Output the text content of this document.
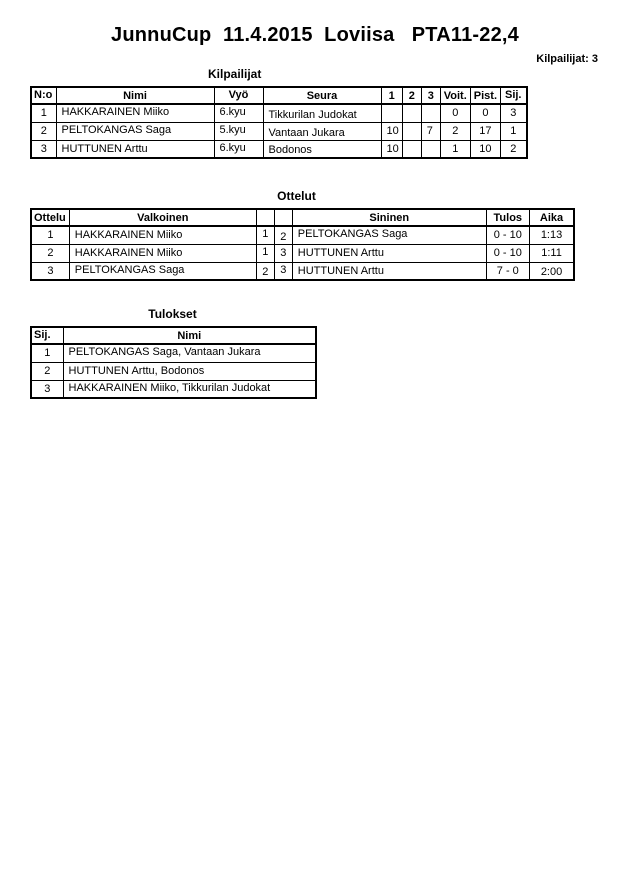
JunnuCup  11.4.2015  Loviisa   PTA11-22,4
Kilpailijat: 3
Kilpailijat
N:o	Nimi	Vyö	Seura	1	2	3	Voit.	Pist.	Sij.
1	HAKKARAINEN Miiko	6.kyu	Tikkurilan Judokat				0	0	3
2	PELTOKANGAS Saga	5.kyu	Vantaan Jukara	10		7	2	17	1
3	HUTTUNEN Arttu	6.kyu	Bodonos	10			1	10	2
Ottelut
Ottelu	Valkoinen			Sininen	Tulos	Aika
1	HAKKARAINEN Miiko	1	2	PELTOKANGAS Saga	0 - 10	1:13
2	HAKKARAINEN Miiko	1	3	HUTTUNEN Arttu	0 - 10	1:11
3	PELTOKANGAS Saga	2	3	HUTTUNEN Arttu	7 - 0	2:00
Tulokset
Sij.	Nimi
1	PELTOKANGAS Saga, Vantaan Jukara
2	HUTTUNEN Arttu, Bodonos
3	HAKKARAINEN Miiko, Tikkurilan Judokat
